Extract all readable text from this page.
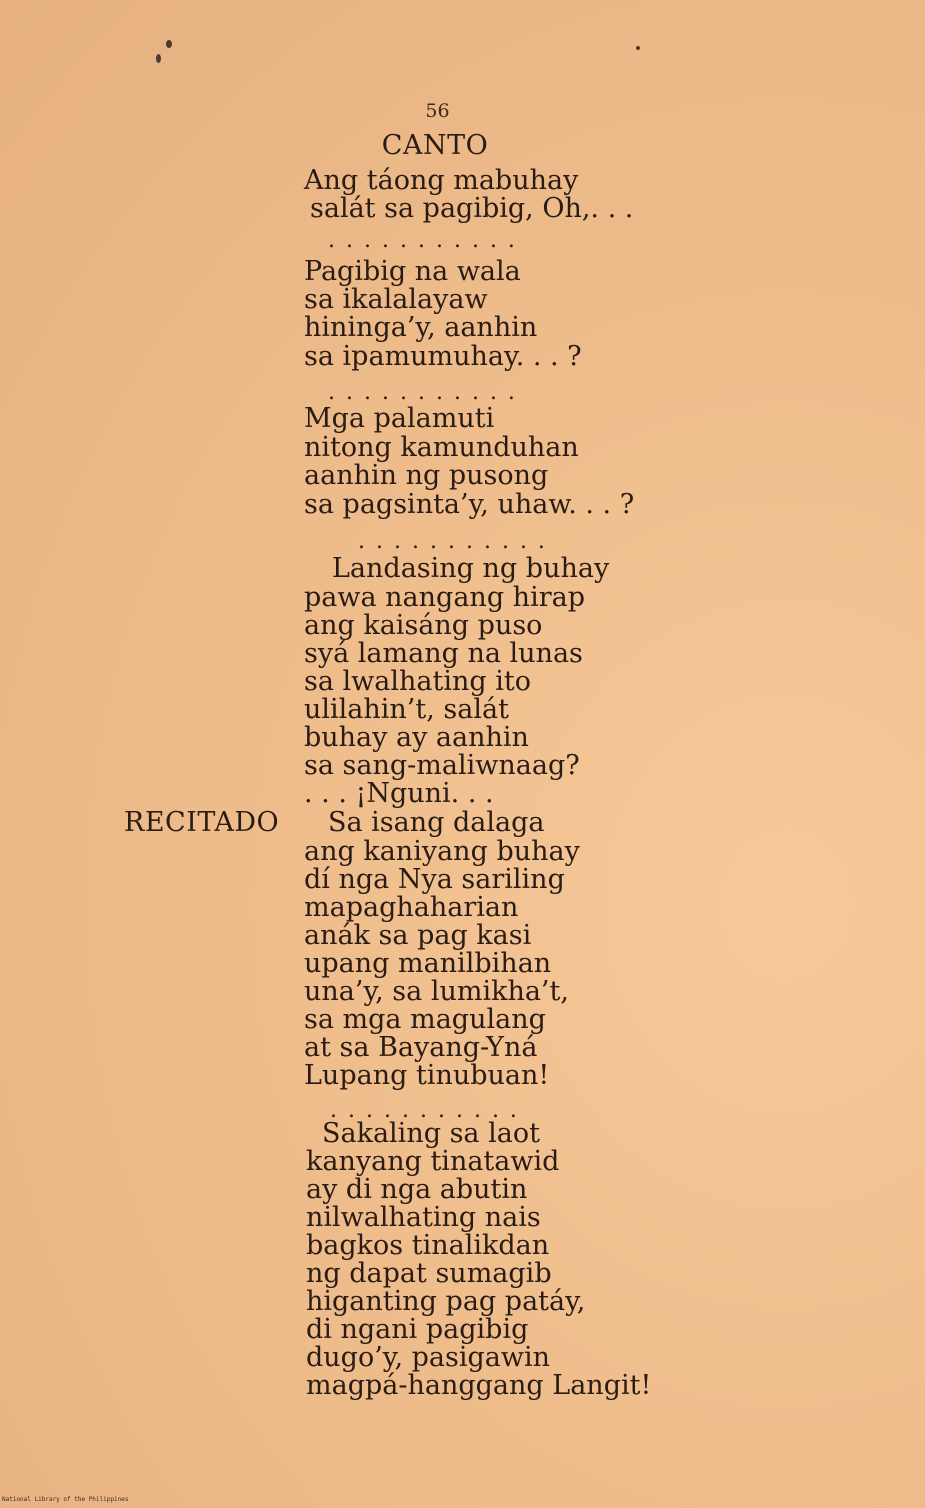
56
CANTO
Ang táong mabuhay
salát sa pagibig, Oh,. . .
...........
Pagibig na wala
sa ikalalayaw
hininga’y, aanhin
sa ipamumuhay. . . ?
...........
Mga palamuti
nitong kamunduhan
aanhin ng pusong
sa pagsinta’y, uhaw. . . ?
...........
Landasing ng buhay
pawa nangang hirap
ang kaisáng puso
syá lamang na lunas
sa lwalhating ito
ulilahin’t, salát
buhay ay aanhin
sa sang-maliwnaag?
. . . ¡Nguni. . .
RECITADO Sa isang dalaga
ang kaniyang buhay
dí nga Nya sariling
mapaghaharian
anák sa pag kasi
upang manilbihan
una’y, sa lumikha’t,
sa mga magulang
at sa Bayang-Yná
Lupang tinubuan!
...........
Sakaling sa laot
kanyang tinatawid
ay di nga abutin
nilwalhating nais
bagkos tinalikdan
ng dapat sumagib
higanting pag patáy,
di ngani pagibig
dugo’y, pasigawin
magpá-hanggang Langit!
National Library of the Philippines
